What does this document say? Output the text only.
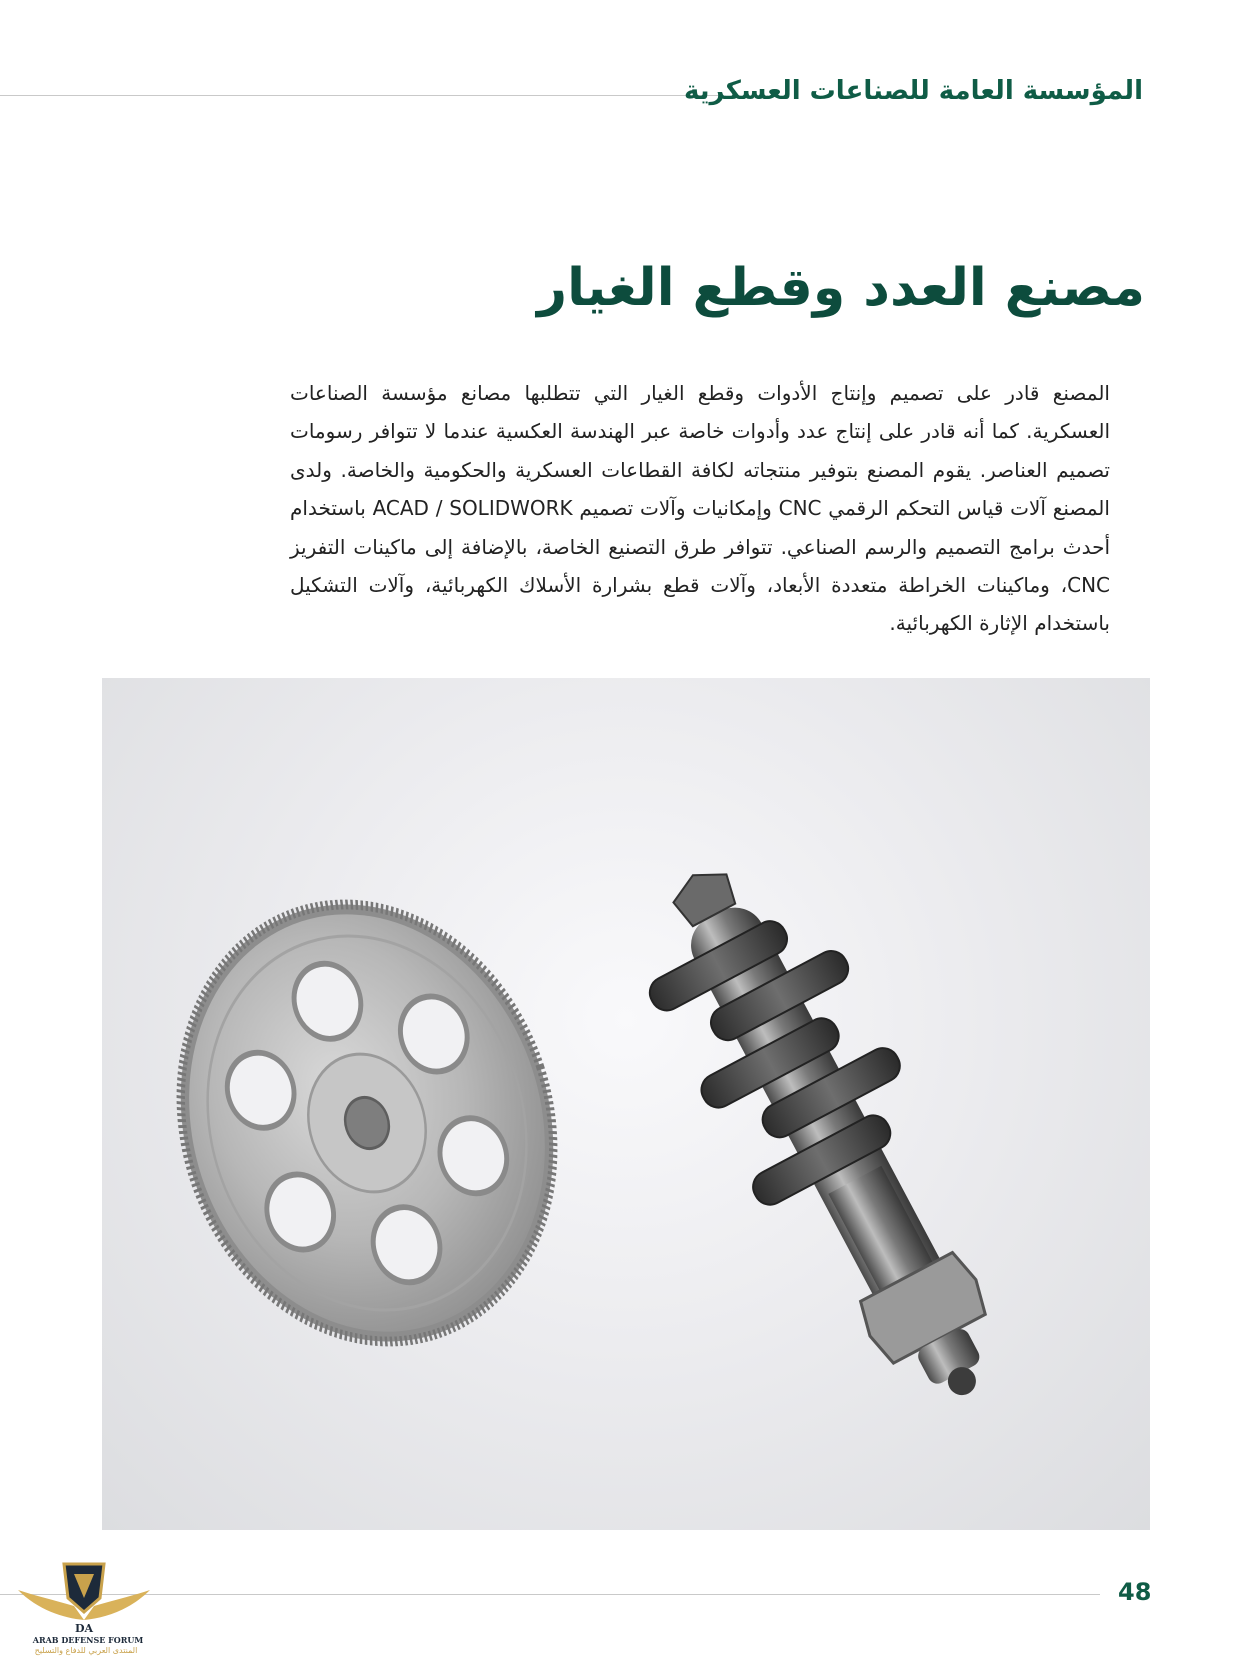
المؤسسة العامة للصناعات العسكرية
مصنع العدد وقطع الغيار

المصنع قادر على تصميم وإنتاج الأدوات وقطع الغيار التي تتطلبها مصانع مؤسسة الصناعات العسكرية. كما أنه قادر على إنتاج عدد وأدوات خاصة عبر الهندسة العكسية عندما لا تتوافر رسومات تصميم العناصر. يقوم المصنع بتوفير منتجاته لكافة القطاعات العسكرية والحكومية والخاصة. ولدى المصنع آلات قياس التحكم الرقمي CNC وإمكانيات وآلات تصميم ACAD / SOLIDWORK باستخدام أحدث برامج التصميم والرسم الصناعي. تتوافر طرق التصنيع الخاصة، بالإضافة إلى ماكينات التفريز CNC، وماكينات الخراطة متعددة الأبعاد، وآلات قطع بشرارة الأسلاك الكهربائية، وآلات التشكيل باستخدام الإثارة الكهربائية.

48
DA
ARAB DEFENSE FORUM
المنتدى العربي للدفاع والتسليح
